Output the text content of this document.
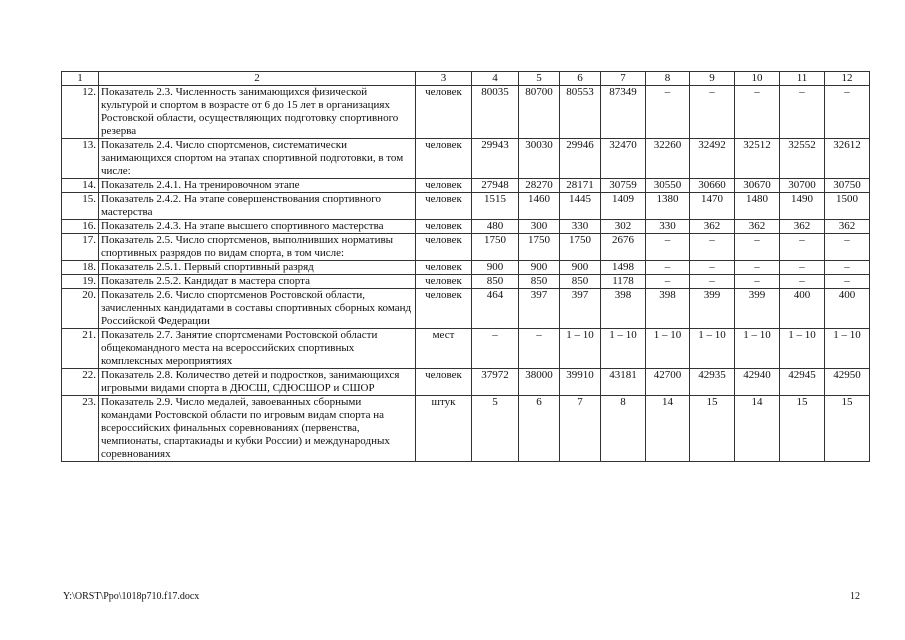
1	2	3	4	5	6	7	8	9	10	11	12
12.	Показатель 2.3. Численность занимающихся физической культурой и спортом в возрасте от 6 до 15 лет в организациях Ростовской области, осуществляющих подготовку спортивного резерва	человек	80035	80700	80553	87349	–	–	–	–	–
13.	Показатель 2.4. Число спортсменов, систематически занимающихся спортом на этапах спортивной подготовки, в том числе:	человек	29943	30030	29946	32470	32260	32492	32512	32552	32612
14.	Показатель 2.4.1. На тренировочном этапе	человек	27948	28270	28171	30759	30550	30660	30670	30700	30750
15.	Показатель 2.4.2. На этапе совершенствования спортивного мастерства	человек	1515	1460	1445	1409	1380	1470	1480	1490	1500
16.	Показатель 2.4.3. На этапе высшего спортивного мастерства	человек	480	300	330	302	330	362	362	362	362
17.	Показатель 2.5. Число спортсменов, выполнивших нормативы спортивных разрядов по видам спорта, в том числе:	человек	1750	1750	1750	2676	–	–	–	–	–
18.	Показатель 2.5.1. Первый спортивный разряд	человек	900	900	900	1498	–	–	–	–	–
19.	Показатель 2.5.2. Кандидат в мастера спорта	человек	850	850	850	1178	–	–	–	–	–
20.	Показатель 2.6. Число спортсменов Ростовской области, зачисленных кандидатами в составы спортивных сборных команд Российской Федерации	человек	464	397	397	398	398	399	399	400	400
21.	Показатель 2.7. Занятие спортсменами Ростовской области общекомандного места на всероссийских спортивных комплексных мероприятиях	мест	–	–	1 – 10	1 – 10	1 – 10	1 – 10	1 – 10	1 – 10	1 – 10
22.	Показатель 2.8. Количество детей и подростков, занимающихся игровыми видами спорта в ДЮСШ, СДЮСШОР и СШОР	человек	37972	38000	39910	43181	42700	42935	42940	42945	42950
23.	Показатель 2.9. Число медалей, завоеванных сборными командами Ростовской области по игровым видам спорта на всероссийских финальных соревнованиях (первенства, чемпионаты, спартакиады и кубки России) и международных соревнованиях	штук	5	6	7	8	14	15	14	15	15
Y:\ORST\Ppo\1018p710.f17.docx	12
